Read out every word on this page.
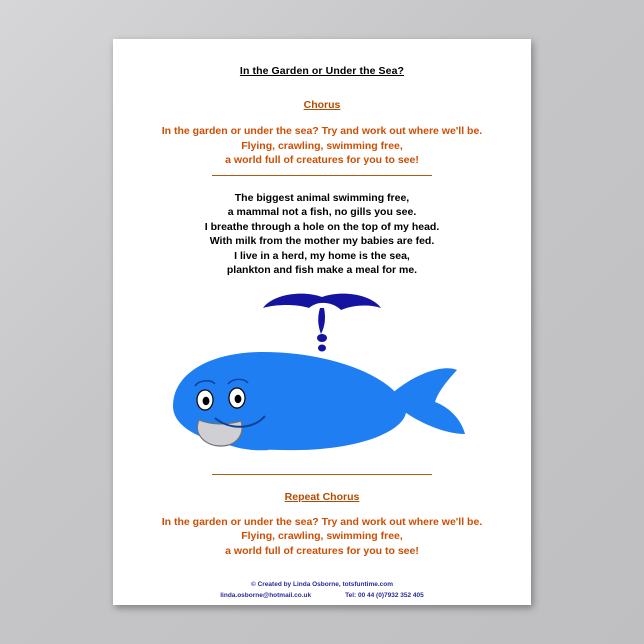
In the Garden or Under the Sea?
Chorus
In the garden or under the sea? Try and work out where we'll be.
Flying, crawling, swimming free,
a world full of creatures for you to see!
The biggest animal swimming free,
a mammal not a fish, no gills you see.
I breathe through a hole on the top of my head.
With milk from the mother my babies are fed.
I live in a herd, my home is the sea,
plankton and fish make a meal for me.
Repeat Chorus
In the garden or under the sea? Try and work out where we'll be.
Flying, crawling, swimming free,
a world full of creatures for you to see!
© Created by Linda Osborne, totsfuntime.com
linda.osborne@hotmail.co.uk	Tel: 00 44 (0)7932 352 405
